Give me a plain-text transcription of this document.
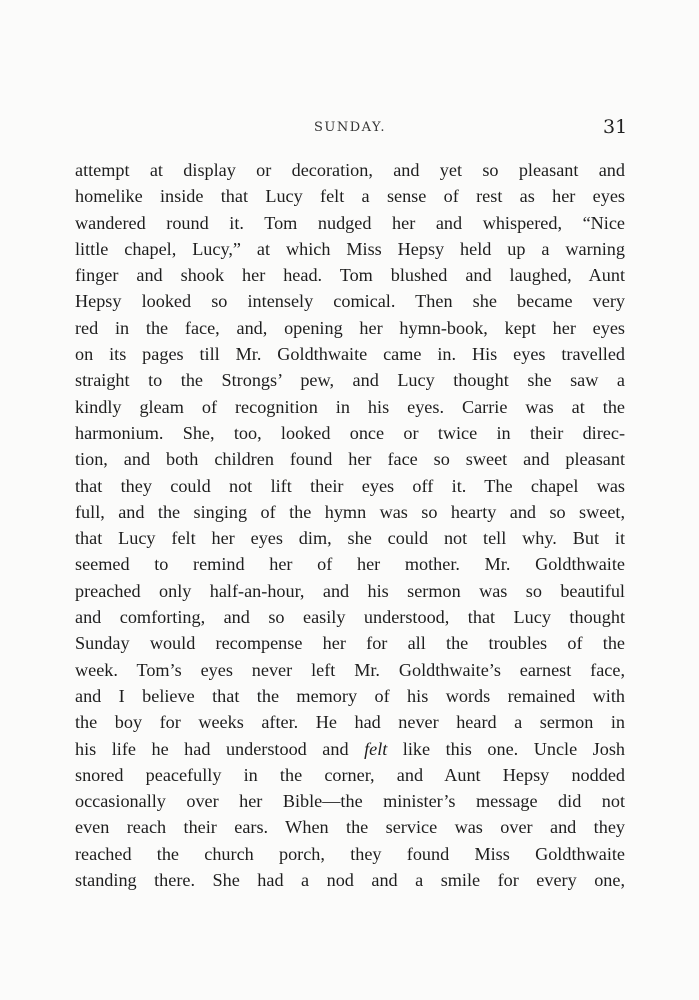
SUNDAY.	31
attempt at display or decoration, and yet so pleasant and
homelike inside that Lucy felt a sense of rest as her eyes
wandered round it. Tom nudged her and whispered, “Nice
little chapel, Lucy,” at which Miss Hepsy held up a warning
finger and shook her head. Tom blushed and laughed, Aunt
Hepsy looked so intensely comical. Then she became very
red in the face, and, opening her hymn-book, kept her eyes
on its pages till Mr. Goldthwaite came in. His eyes travelled
straight to the Strongs’ pew, and Lucy thought she saw a
kindly gleam of recognition in his eyes. Carrie was at the
harmonium. She, too, looked once or twice in their direc-
tion, and both children found her face so sweet and pleasant
that they could not lift their eyes off it. The chapel was
full, and the singing of the hymn was so hearty and so sweet,
that Lucy felt her eyes dim, she could not tell why. But it
seemed to remind her of her mother. Mr. Goldthwaite
preached only half-an-hour, and his sermon was so beautiful
and comforting, and so easily understood, that Lucy thought
Sunday would recompense her for all the troubles of the
week. Tom’s eyes never left Mr. Goldthwaite’s earnest face,
and I believe that the memory of his words remained with
the boy for weeks after. He had never heard a sermon in
his life he had understood and felt like this one. Uncle Josh
snored peacefully in the corner, and Aunt Hepsy nodded
occasionally over her Bible—the minister’s message did not
even reach their ears. When the service was over and they
reached the church porch, they found Miss Goldthwaite
standing there. She had a nod and a smile for every one,
